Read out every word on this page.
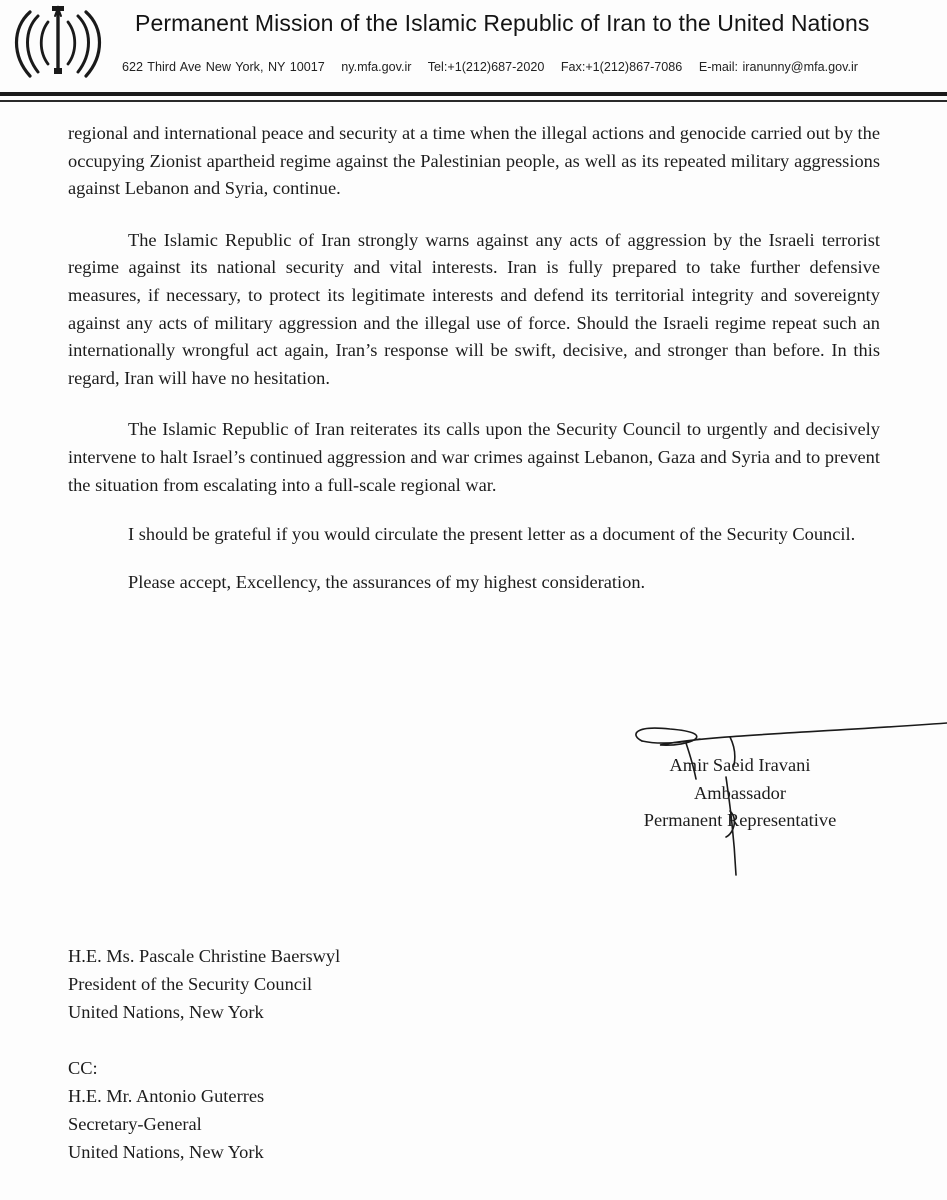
Permanent Mission of the Islamic Republic of Iran to the United Nations
622 Third Ave New York, NY 10017 ny.mfa.gov.ir Tel:+1(212)687-2020 Fax:+1(212)867-7086 E-mail: iranunny@mfa.gov.ir

regional and international peace and security at a time when the illegal actions and genocide carried out by the occupying Zionist apartheid regime against the Palestinian people, as well as its repeated military aggressions against Lebanon and Syria, continue.

The Islamic Republic of Iran strongly warns against any acts of aggression by the Israeli terrorist regime against its national security and vital interests. Iran is fully prepared to take further defensive measures, if necessary, to protect its legitimate interests and defend its territorial integrity and sovereignty against any acts of military aggression and the illegal use of force. Should the Israeli regime repeat such an internationally wrongful act again, Iran’s response will be swift, decisive, and stronger than before. In this regard, Iran will have no hesitation.

The Islamic Republic of Iran reiterates its calls upon the Security Council to urgently and decisively intervene to halt Israel’s continued aggression and war crimes against Lebanon, Gaza and Syria and to prevent the situation from escalating into a full-scale regional war.

I should be grateful if you would circulate the present letter as a document of the Security Council.

Please accept, Excellency, the assurances of my highest consideration.

Amir Saeid Iravani
Ambassador
Permanent Representative
H.E. Ms. Pascale Christine Baerswyl
President of the Security Council
United Nations, New York
CC:
H.E. Mr. Antonio Guterres
Secretary-General
United Nations, New York
